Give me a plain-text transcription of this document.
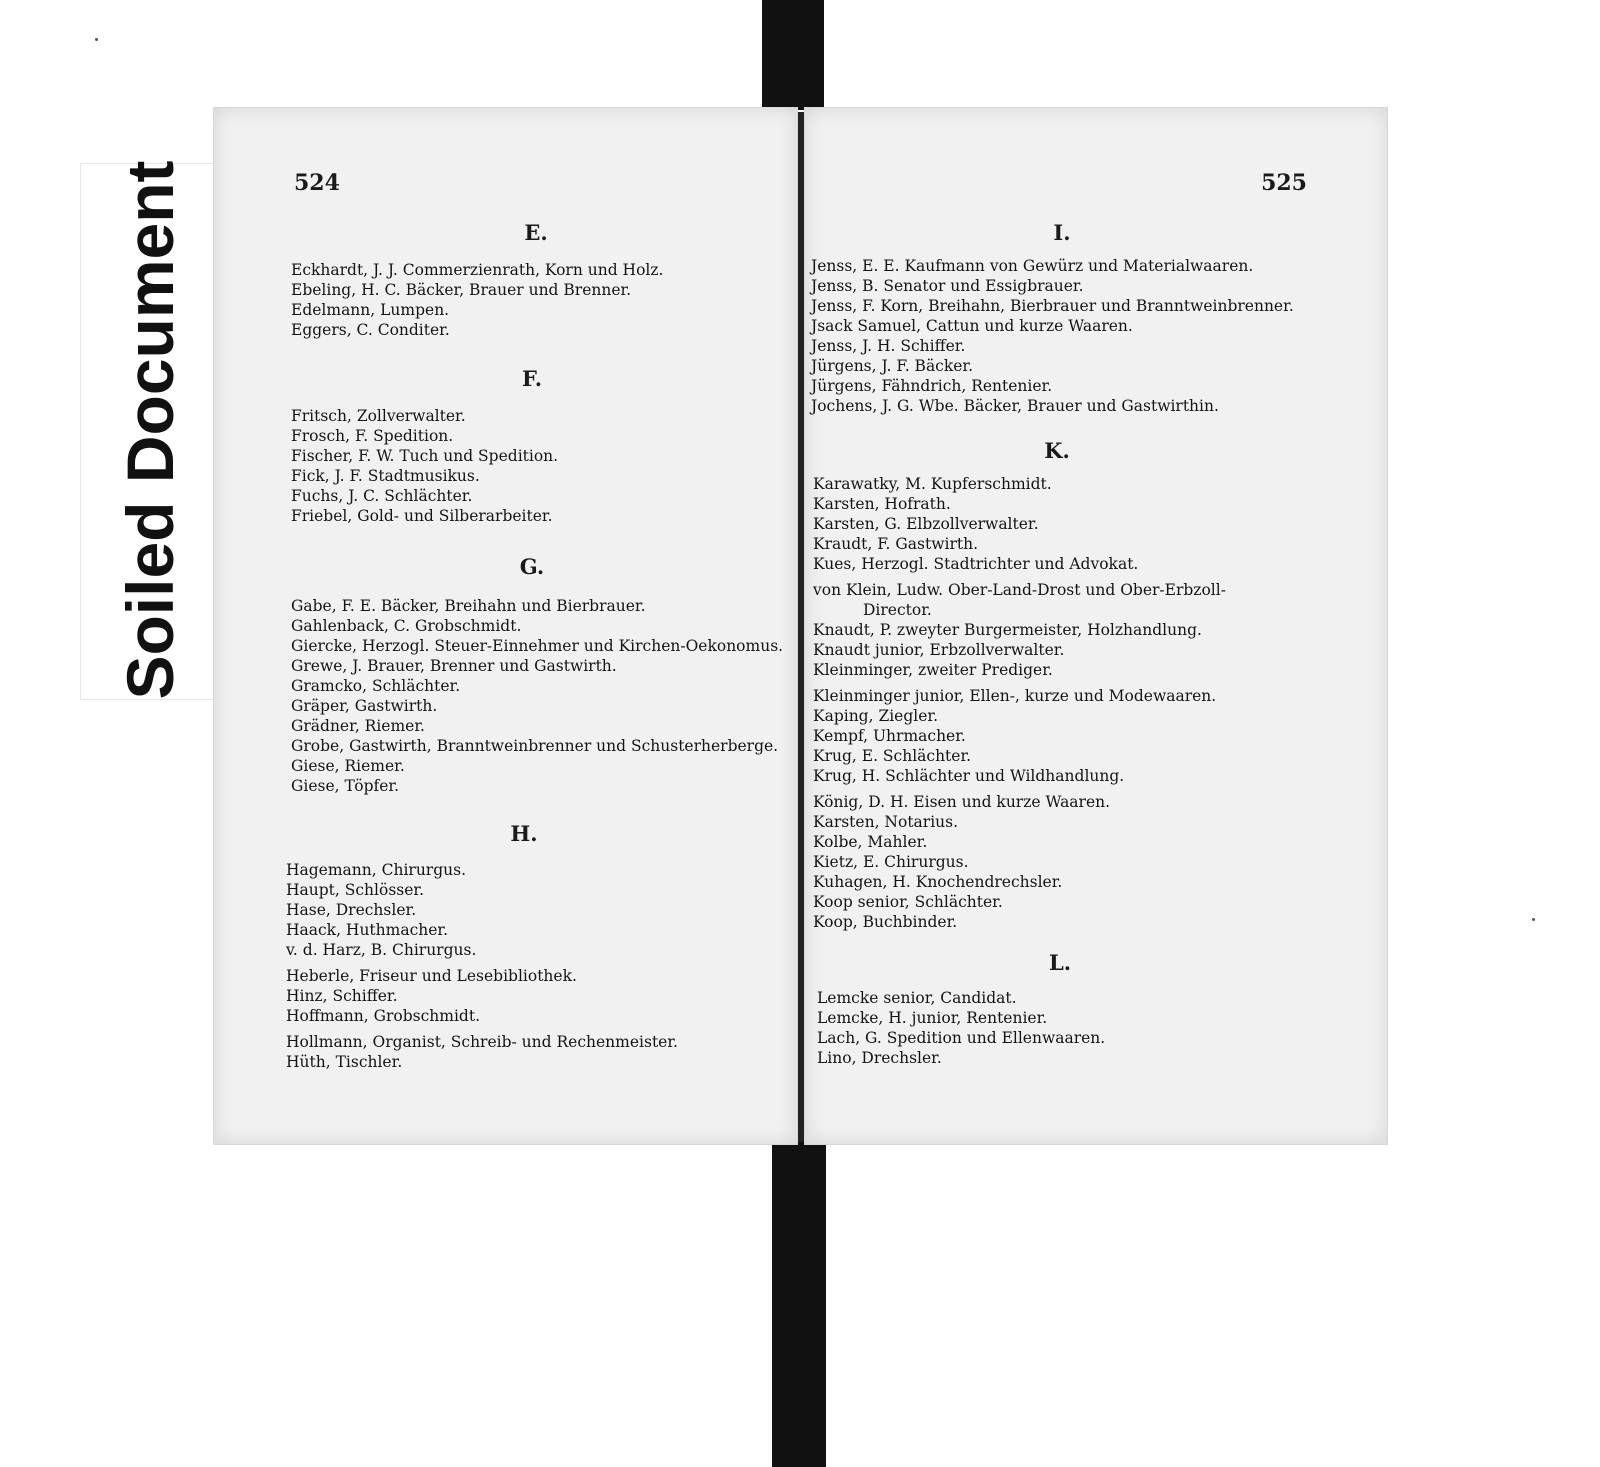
Soiled Document	524
E.
Eckhardt, J. J. Commerzienrath, Korn und Holz.
Ebeling, H. C. Bäcker, Brauer und Brenner.
Edelmann, Lumpen.
Eggers, C. Conditer.
F.
Fritsch, Zollverwalter.
Frosch, F. Spedition.
Fischer, F. W. Tuch und Spedition.
Fick, J. F. Stadtmusikus.
Fuchs, J. C. Schlächter.
Friebel, Gold- und Silberarbeiter.
G.
Gabe, F. E. Bäcker, Breihahn und Bierbrauer.
Gahlenback, C. Grobschmidt.
Giercke, Herzogl. Steuer-Einnehmer und Kirchen-Oekonomus.
Grewe, J. Brauer, Brenner und Gastwirth.
Gramcko, Schlächter.
Gräper, Gastwirth.
Grädner, Riemer.
Grobe, Gastwirth, Branntweinbrenner und Schusterherberge.
Giese, Riemer.
Giese, Töpfer.
H.
Hagemann, Chirurgus.
Haupt, Schlösser.
Hase, Drechsler.
Haack, Huthmacher.
v. d. Harz, B. Chirurgus.
Heberle, Friseur und Lesebibliothek.
Hinz, Schiffer.
Hoffmann, Grobschmidt.
Hollmann, Organist, Schreib- und Rechenmeister.
Hüth, Tischler.
525
I.
Jenss, E. E. Kaufmann von Gewürz und Materialwaaren.
Jenss, B. Senator und Essigbrauer.
Jenss, F. Korn, Breihahn, Bierbrauer und Branntweinbrenner.
Jsack Samuel, Cattun und kurze Waaren.
Jenss, J. H. Schiffer.
Jürgens, J. F. Bäcker.
Jürgens, Fähndrich, Rentenier.
Jochens, J. G. Wbe. Bäcker, Brauer und Gastwirthin.
K.
Karawatky, M. Kupferschmidt.
Karsten, Hofrath.
Karsten, G. Elbzollverwalter.
Kraudt, F. Gastwirth.
Kues, Herzogl. Stadtrichter und Advokat.
von Klein, Ludw. Ober-Land-Drost und Ober-Erbzoll-
Director.
Knaudt, P. zweyter Burgermeister, Holzhandlung.
Knaudt junior, Erbzollverwalter.
Kleinminger, zweiter Prediger.
Kleinminger junior, Ellen-, kurze und Modewaaren.
Kaping, Ziegler.
Kempf, Uhrmacher.
Krug, E. Schlächter.
Krug, H. Schlächter und Wildhandlung.
König, D. H. Eisen und kurze Waaren.
Karsten, Notarius.
Kolbe, Mahler.
Kietz, E. Chirurgus.
Kuhagen, H. Knochendrechsler.
Koop senior, Schlächter.
Koop, Buchbinder.
L.
Lemcke senior, Candidat.
Lemcke, H. junior, Rentenier.
Lach, G. Spedition und Ellenwaaren.
Lino, Drechsler.
